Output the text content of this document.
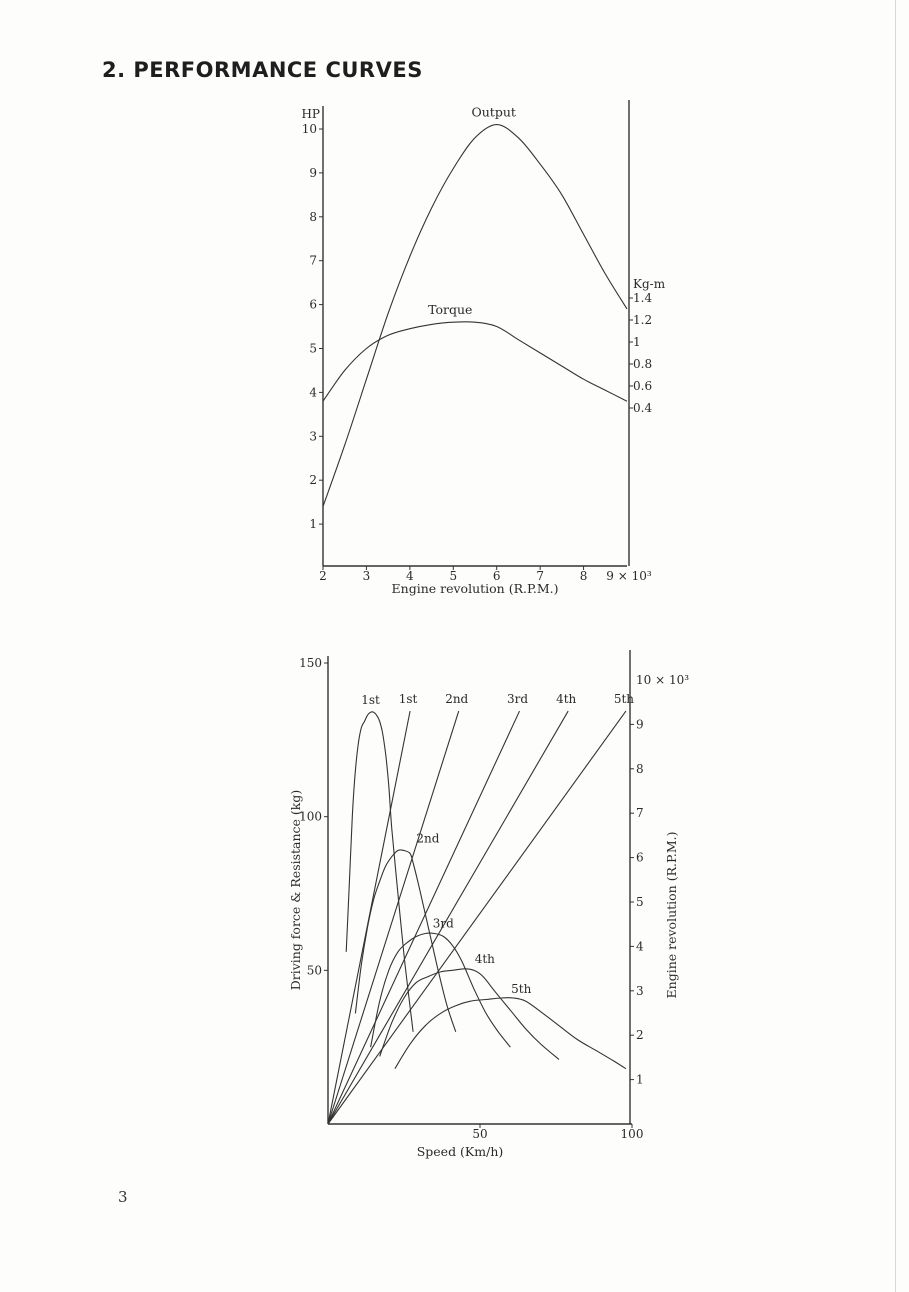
2. PERFORMANCE CURVES
HP
1
2
3
4
5
6
7
8
9
10
2	3	4	5	6	7	8 9 × 10³
Engine revolution (R.P.M.)
Kg-m
1.4
1.2
1
0.8
0.6
0.4
Output
Torque
50
100
150
50	100
Speed (Km/h)
Driving force & Resistance (kg)
1
2
3
4
5
6
7
8
9
10 × 10³
Engine revolution (R.P.M.)
1st 2nd	3rd 4th	5th
2nd
3rd
4th
5th
1st
3
